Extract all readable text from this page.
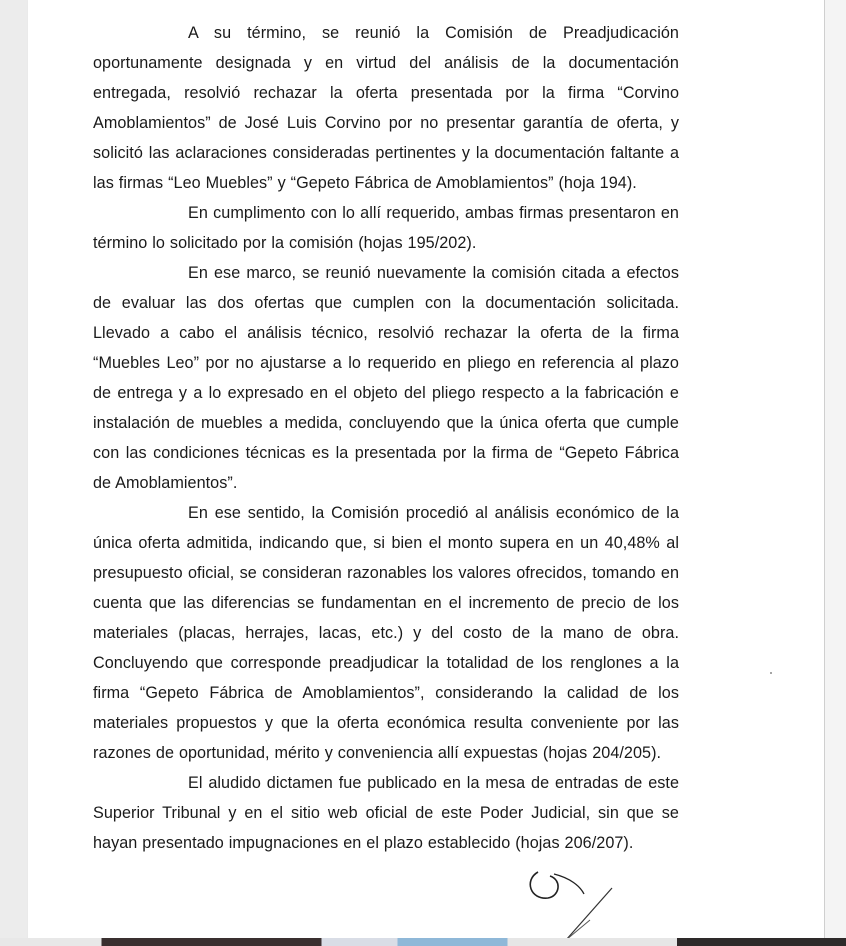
A su término, se reunió la Comisión de Preadjudicación oportunamente designada y en virtud del análisis de la documentación entregada, resolvió rechazar la oferta presentada por la firma “Corvino Amoblamientos” de José Luis Corvino por no presentar garantía de oferta, y solicitó las aclaraciones consideradas pertinentes y la documentación faltante a las firmas “Leo Muebles” y “Gepeto Fábrica de Amoblamientos” (hoja 194).

En cumplimento con lo allí requerido, ambas firmas presentaron en término lo solicitado por la comisión (hojas 195/202).

En ese marco, se reunió nuevamente la comisión citada a efectos de evaluar las dos ofertas que cumplen con la documentación solicitada. Llevado a cabo el análisis técnico, resolvió rechazar la oferta de la firma “Muebles Leo” por no ajustarse a lo requerido en pliego en referencia al plazo de entrega y a lo expresado en el objeto del pliego respecto a la fabricación e instalación de muebles a medida, concluyendo que la única oferta que cumple con las condiciones técnicas es la presentada por la firma de “Gepeto Fábrica de Amoblamientos”.

En ese sentido, la Comisión procedió al análisis económico de la única oferta admitida, indicando que, si bien el monto supera en un 40,48% al presupuesto oficial, se consideran razonables los valores ofrecidos, tomando en cuenta que las diferencias se fundamentan en el incremento de precio de los materiales (placas, herrajes, lacas, etc.) y del costo de la mano de obra. Concluyendo que corresponde preadjudicar la totalidad de los renglones a la firma “Gepeto Fábrica de Amoblamientos”, considerando la calidad de los materiales propuestos y que la oferta económica resulta conveniente por las razones de oportunidad, mérito y conveniencia allí expuestas (hojas 204/205).

El aludido dictamen fue publicado en la mesa de entradas de este Superior Tribunal y en el sitio web oficial de este Poder Judicial, sin que se hayan presentado impugnaciones en el plazo establecido (hojas 206/207).
